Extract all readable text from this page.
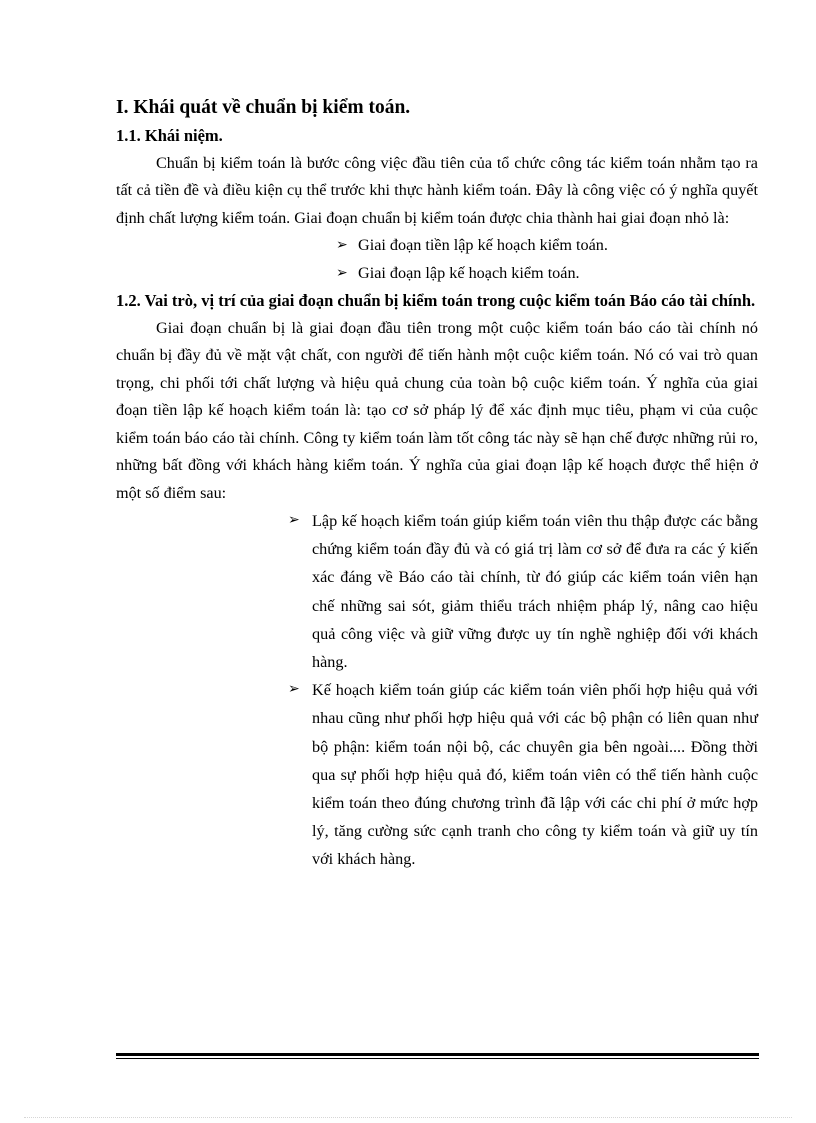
I. Khái quát về chuẩn bị kiểm toán.
1.1. Khái niệm.

Chuẩn bị kiểm toán là bước công việc đầu tiên của tổ chức công tác kiểm toán nhằm tạo ra tất cả tiền đề và điều kiện cụ thể trước khi thực hành kiểm toán. Đây là công việc có ý nghĩa quyết định chất lượng kiểm toán. Giai đoạn chuẩn bị kiểm toán được chia thành hai giai đoạn nhỏ là:

➢ Giai đoạn tiền lập kế hoạch kiểm toán.
➢ Giai đoạn lập kế hoạch kiểm toán.
1.2. Vai trò, vị trí của giai đoạn chuẩn bị kiểm toán trong cuộc kiểm toán Báo cáo tài chính.

Giai đoạn chuẩn bị là giai đoạn đầu tiên trong một cuộc kiểm toán báo cáo tài chính nó chuẩn bị đầy đủ về mặt vật chất, con người để tiến hành một cuộc kiểm toán. Nó có vai trò quan trọng, chi phối tới chất lượng và hiệu quả chung của toàn bộ cuộc kiểm toán. Ý nghĩa của giai đoạn tiền lập kế hoạch kiểm toán là: tạo cơ sở pháp lý để xác định mục tiêu, phạm vi của cuộc kiểm toán báo cáo tài chính. Công ty kiểm toán làm tốt công tác này sẽ hạn chế được những rủi ro, những bất đồng với khách hàng kiểm toán. Ý nghĩa của giai đoạn lập kế hoạch được thể hiện ở một số điểm sau:

➢ Lập kế hoạch kiểm toán giúp kiểm toán viên thu thập được các bằng chứng kiểm toán đầy đủ và có giá trị làm cơ sở để đưa ra các ý kiến xác đáng về Báo cáo tài chính, từ đó giúp các kiểm toán viên hạn chế những sai sót, giảm thiểu trách nhiệm pháp lý, nâng cao hiệu quả công việc và giữ vững được uy tín nghề nghiệp đối với khách hàng.
➢ Kế hoạch kiểm toán giúp các kiểm toán viên phối hợp hiệu quả với nhau cũng như phối hợp hiệu quả với các bộ phận có liên quan như bộ phận: kiểm toán nội bộ, các chuyên gia bên ngoài.... Đồng thời qua sự phối hợp hiệu quả đó, kiểm toán viên có thể tiến hành cuộc kiểm toán theo đúng chương trình đã lập với các chi phí ở mức hợp lý, tăng cường sức cạnh tranh cho công ty kiểm toán và giữ uy tín với khách hàng.
